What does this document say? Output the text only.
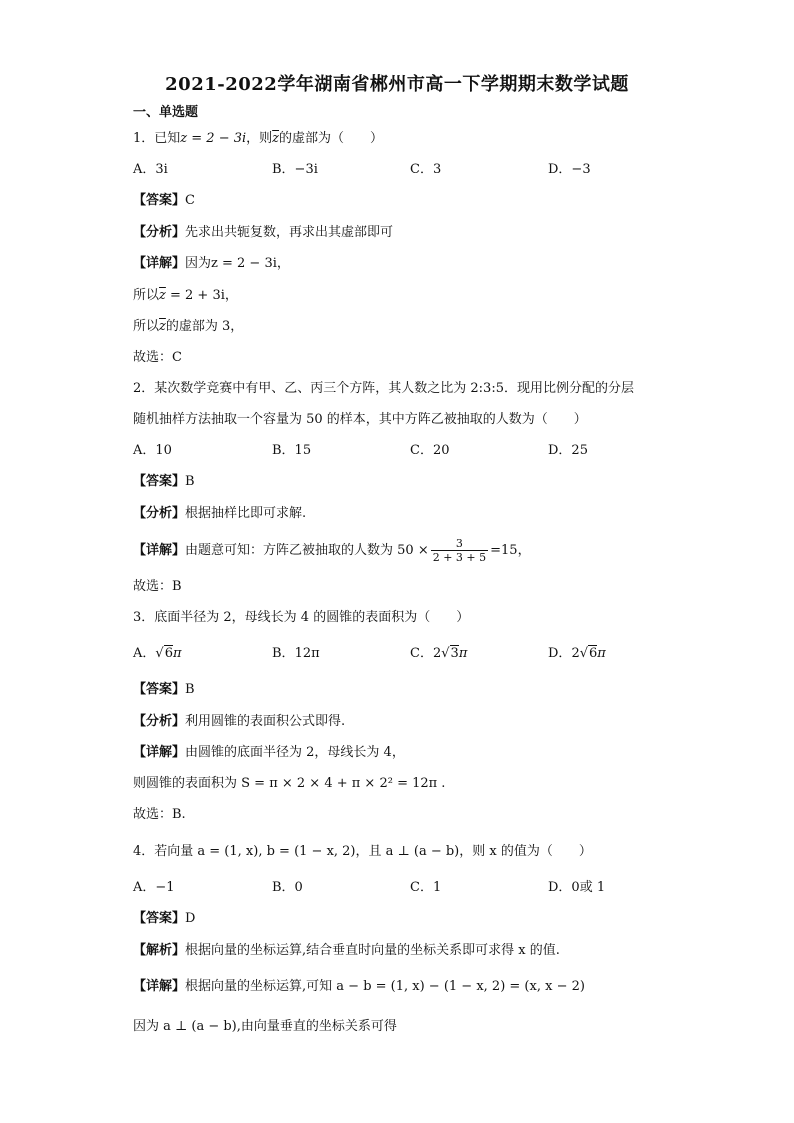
2021-2022学年湖南省郴州市高一下学期期末数学试题
一、单选题
1．已知z = 2 − 3i，则$\overline{z}$的虚部为（　　）
A．3i	B．−3i	C．3	D．−3
【答案】C
【分析】先求出共轭复数，再求出其虚部即可
【详解】因为z = 2 − 3i，
所以$\overline{z} = 2 + 3i$，
所以$\overline{z}$的虚部为 3，
故选：C
2．某次数学竞赛中有甲、乙、丙三个方阵，其人数之比为 2:3:5．现用比例分配的分层
随机抽样方法抽取一个容量为 50 的样本，其中方阵乙被抽取的人数为（　　）
A．10	B．15	C．20	D．25
【答案】B
【分析】根据抽样比即可求解.
【详解】由题意可知：方阵乙被抽取的人数为 $50 \times \frac{3}{2 + 3 + 5} =15$，
故选：B
3．底面半径为 2，母线长为 4 的圆锥的表面积为（　　）
A．√6π	B．12π	C．2√3π	D．2√6π
【答案】B
【分析】利用圆锥的表面积公式即得.
【详解】由圆锥的底面半径为 2，母线长为 4，
则圆锥的表面积为 S = π × 2 × 4 + π × 2² = 12π .
故选：B.
4．若向量 a = (1, x), b = (1 − x, 2)，且 a ⊥ (a − b)，则 x 的值为（　　）
A．−1	B．0	C．1	D．0或 1
【答案】D
【解析】根据向量的坐标运算,结合垂直时向量的坐标关系即可求得 x 的值.
【详解】根据向量的坐标运算,可知 a − b = (1, x) − (1 − x, 2) = (x, x − 2)
因为 a ⊥ (a − b),由向量垂直的坐标关系可得
